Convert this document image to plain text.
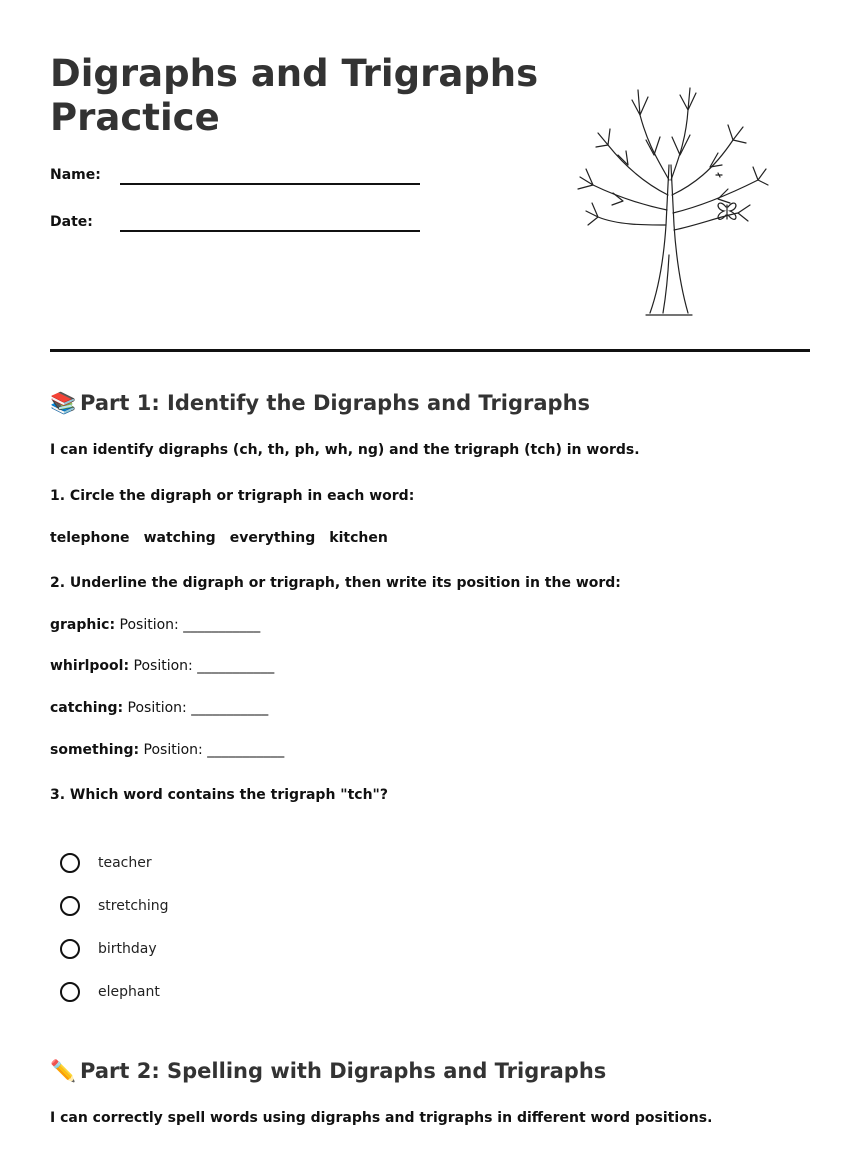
Digraphs and Trigraphs
Practice
Name:
Date:
📚 Part 1: Identify the Digraphs and Trigraphs

I can identify digraphs (ch, th, ph, wh, ng) and the trigraph (tch) in words.

1. Circle the digraph or trigraph in each word:

telephone watching everything kitchen

2. Underline the digraph or trigraph, then write its position in the word:

graphic: Position: ___________

whirlpool: Position: ___________

catching: Position: ___________

something: Position: ___________

3. Which word contains the trigraph "tch"?

teacher
stretching
birthday
elephant
✏️ Part 2: Spelling with Digraphs and Trigraphs

I can correctly spell words using digraphs and trigraphs in different word positions.
